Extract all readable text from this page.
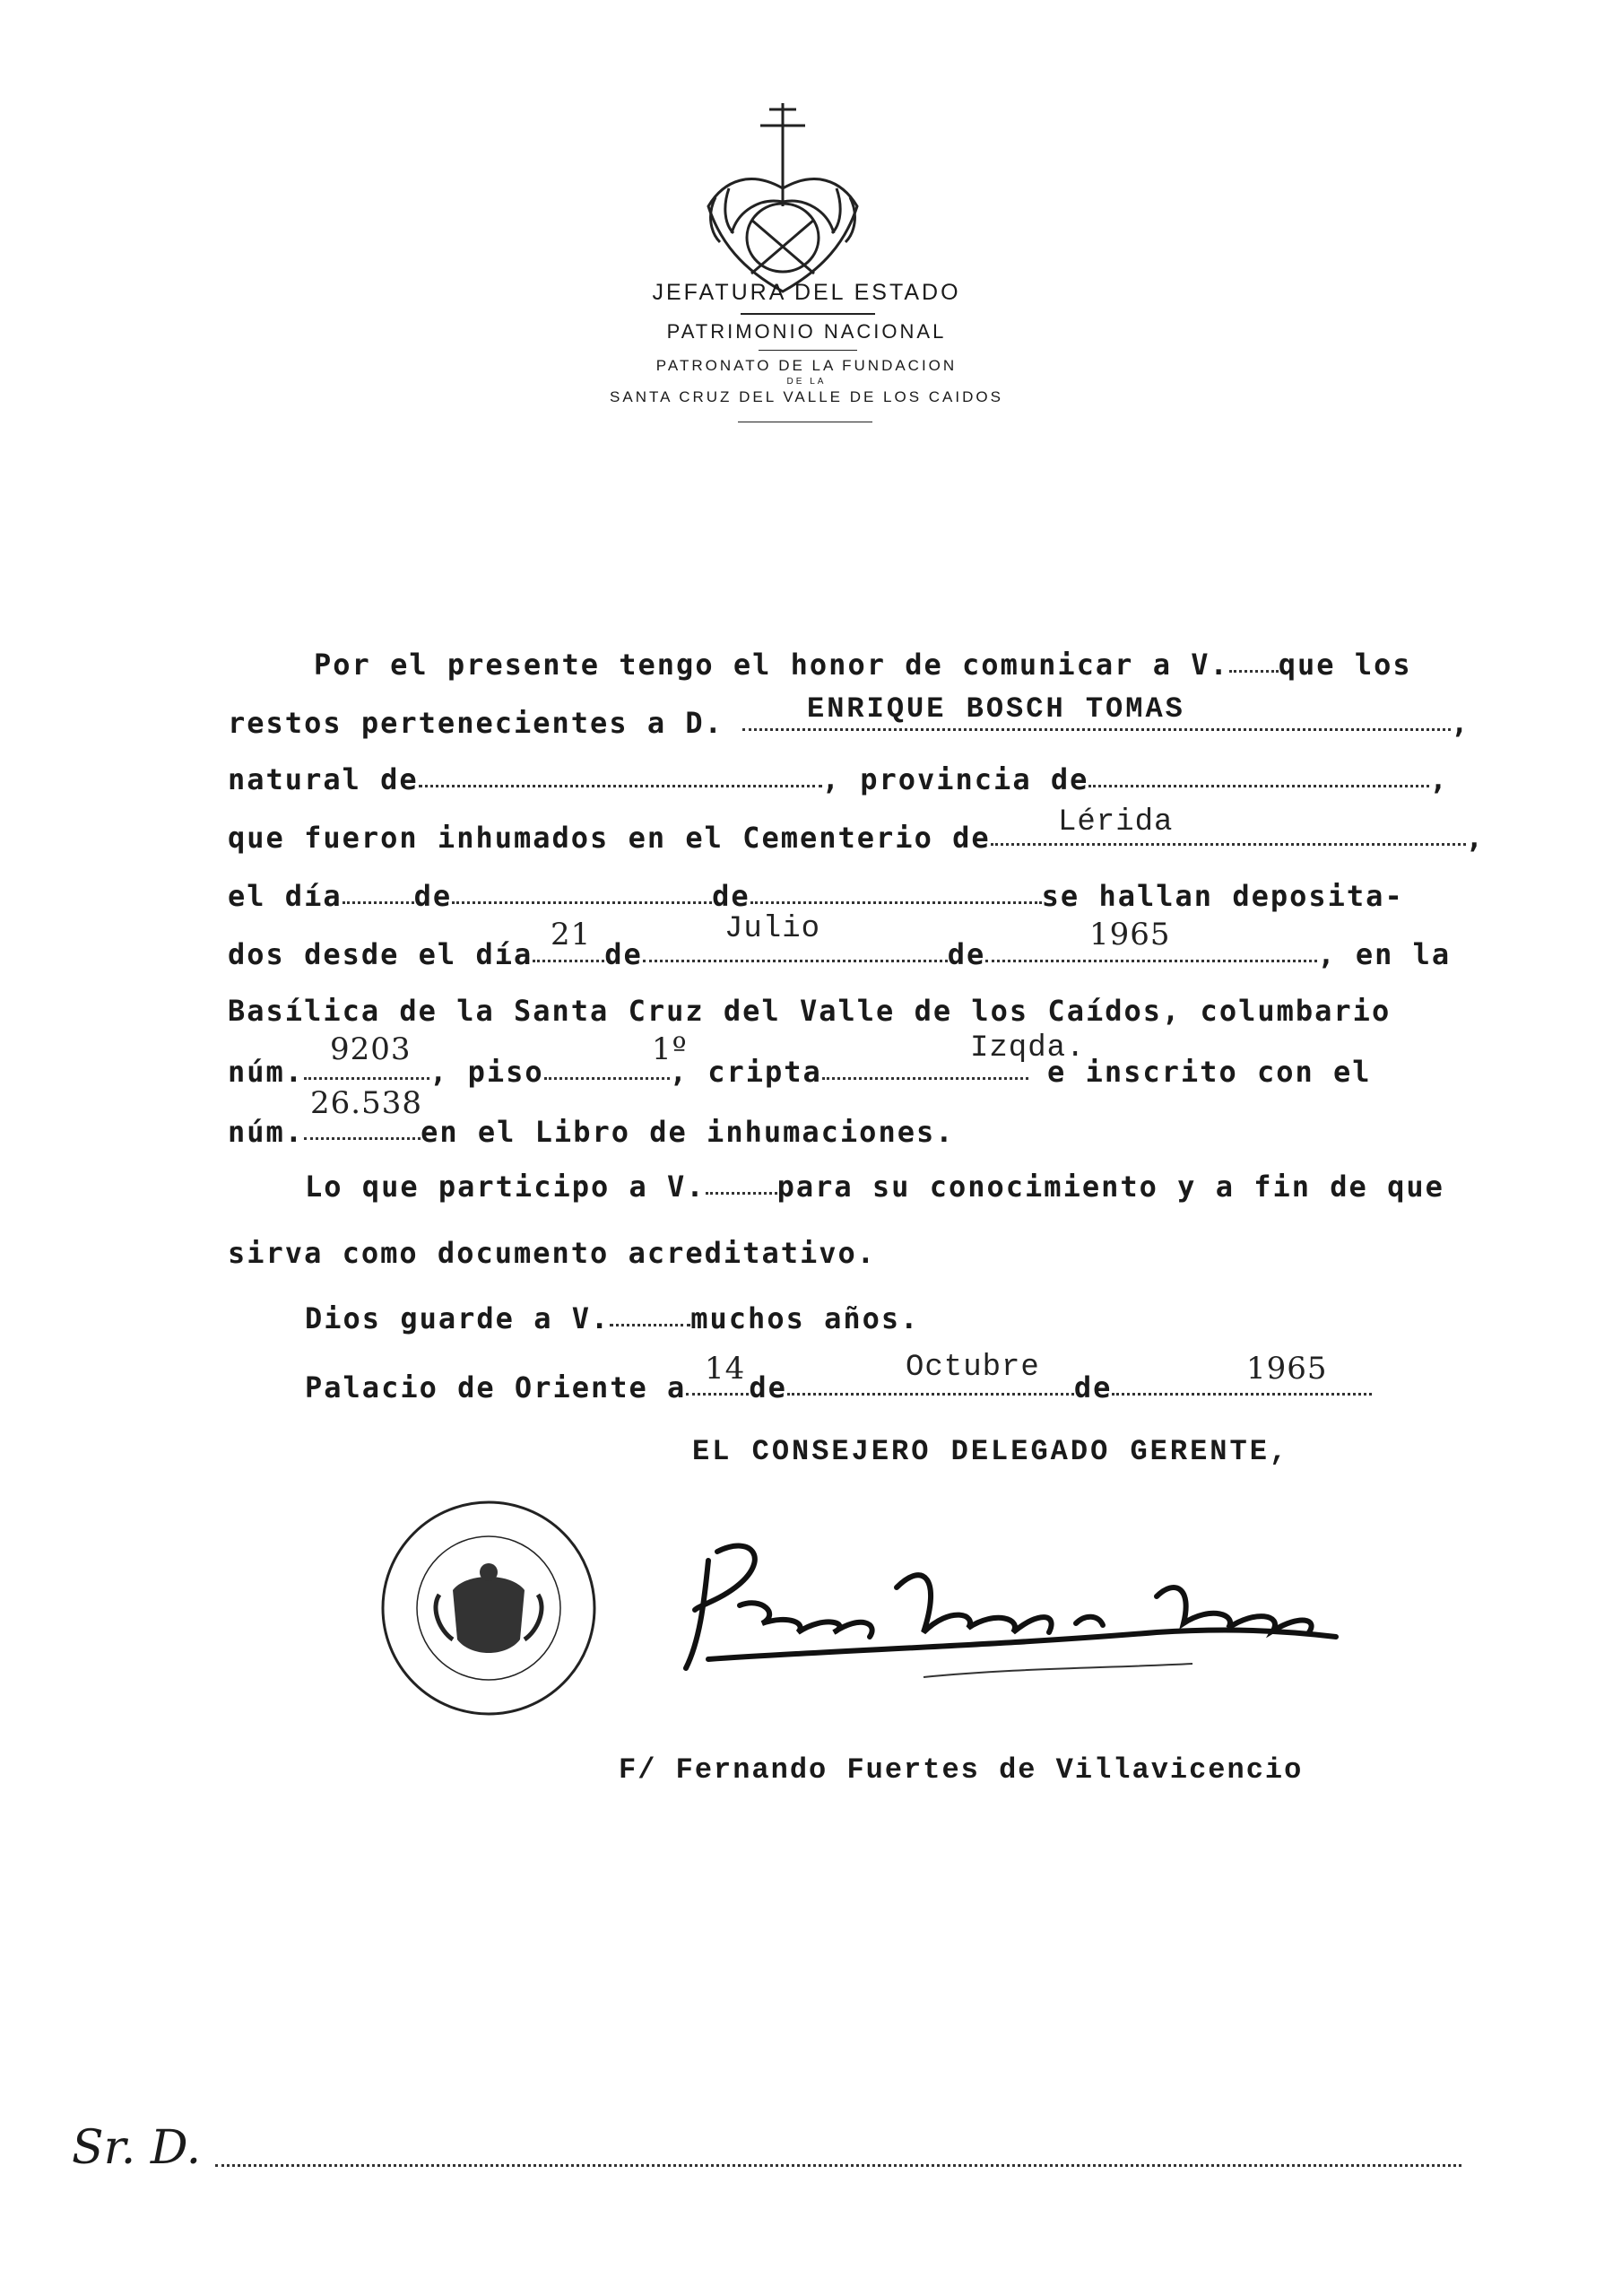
JEFATURA DEL ESTADO
PATRIMONIO NACIONAL
PATRONATO DE LA FUNDACION
DE LA
SANTA CRUZ DEL VALLE DE LOS CAIDOS
Por el presente tengo el honor de comunicar a V. que los
restos pertenecientes a D.	,
ENRIQUE BOSCH TOMAS
natural de	, provincia de	,
que fueron inhumados en el Cementerio de	,
Lérida
el día	de	de	se hallan deposita-
dos desde el día	de	de	, en la
21	Julio	1965
Basílica de la Santa Cruz del Valle de los Caídos, columbario
núm.	, piso	, cripta	e inscrito con el
9203	1º	Izqda.
núm.	en el Libro de inhumaciones.
26.538
Lo que participo a V.	para su conocimiento y a fin de que
sirva como documento acreditativo.
Dios guarde a V.	muchos años.
Palacio de Oriente a de	de
14	Octubre	1965
EL CONSEJERO DELEGADO GERENTE,
F/ Fernando Fuertes de Villavicencio
Sr. D.
